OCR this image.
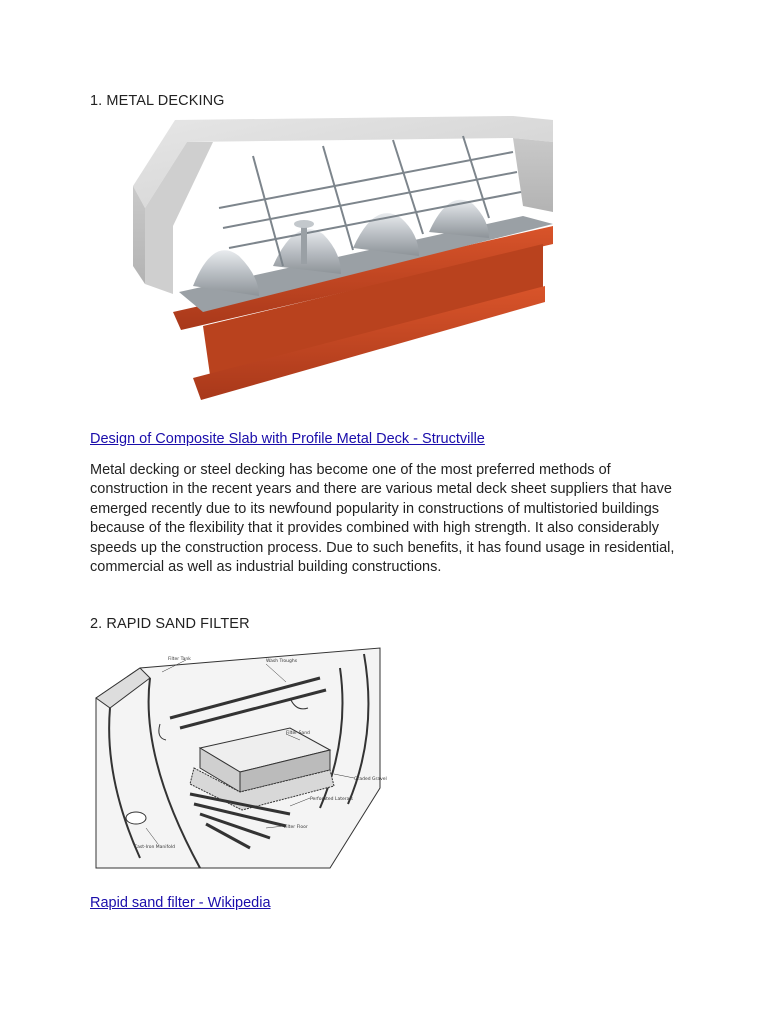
1. METAL DECKING
Design of Composite Slab with Profile Metal Deck - Structville

Metal decking or steel decking has become one of the most preferred methods of construction in the recent years and there are various metal deck sheet suppliers that have emerged recently due to its newfound popularity in constructions of multistoried buildings because of the flexibility that it provides combined with high strength. It also considerably speeds up the construction process. Due to such benefits, it has found usage in residential, commercial as well as industrial building constructions.

2. RAPID SAND FILTER
Filter Tank	Wash Troughs
Filter Sand
Graded Gravel
Perforated Laterals
Filter Floor
Cast-Iron Manifold
Rapid sand filter - Wikipedia
